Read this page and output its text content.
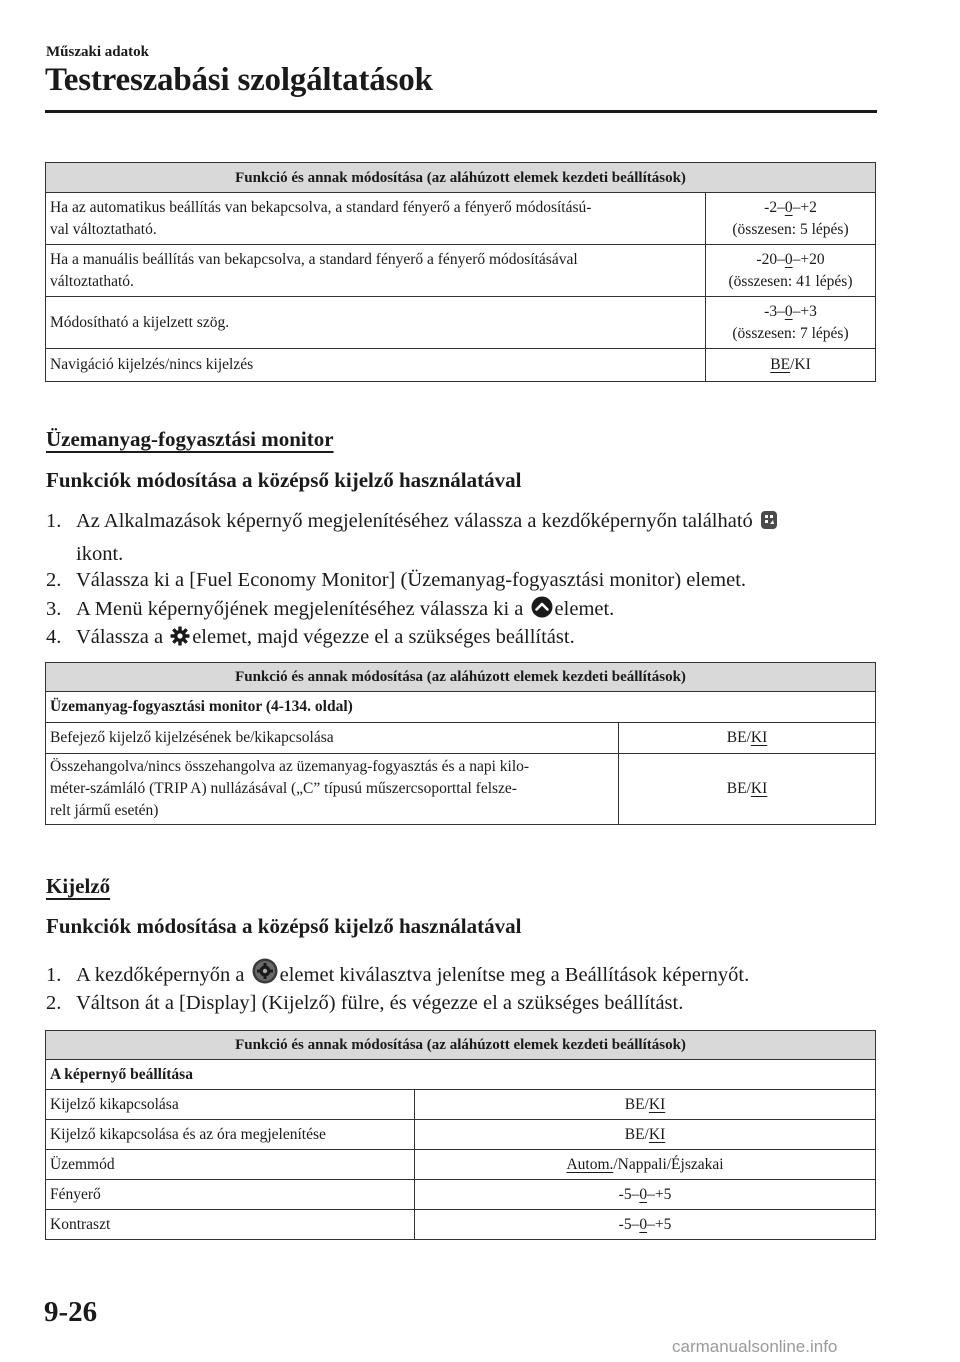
Műszaki adatok
Testreszabási szolgáltatások
Funkció és annak módosítása (az aláhúzott elemek kezdeti beállítások)	
Ha az automatikus beállítás van bekapcsolva, a standard fényerő a fényerő módosítású-
val változtatható.	-2–0–+2
(összesen: 5 lépés)
Ha a manuális beállítás van bekapcsolva, a standard fényerő a fényerő módosításával
változtatható.	-20–0–+20
(összesen: 41 lépés)
Módosítható a kijelzett szög.	-3–0–+3
(összesen: 7 lépés)
Navigáció kijelzés/nincs kijelzés	BE/KI
Üzemanyag-fogyasztási monitor
Funkciók módosítása a középső kijelző használatával
1. Az Alkalmazások képernyő megjelenítéséhez válassza a kezdőképernyőn található
ikont.
2. Válassza ki a [Fuel Economy Monitor] (Üzemanyag-fogyasztási monitor) elemet.
3. A Menü képernyőjének megjelenítéséhez válassza ki a elemet.
4. Válassza a elemet, majd végezze el a szükséges beállítást.
Funkció és annak módosítása (az aláhúzott elemek kezdeti beállítások)	
Üzemanyag-fogyasztási monitor (4-134. oldal)	
Befejező kijelző kijelzésének be/kikapcsolása	BE/KI
Összehangolva/nincs összehangolva az üzemanyag-fogyasztás és a napi kilo-
méter-számláló (TRIP A) nullázásával („C” típusú műszercsoporttal felsze-
relt jármű esetén)	BE/KI
Kijelző
Funkciók módosítása a középső kijelző használatával
1. A kezdőképernyőn a elemet kiválasztva jelenítse meg a Beállítások képernyőt.
2. Váltson át a [Display] (Kijelző) fülre, és végezze el a szükséges beállítást.
Funkció és annak módosítása (az aláhúzott elemek kezdeti beállítások)	
A képernyő beállítása	
Kijelző kikapcsolása	BE/KI
Kijelző kikapcsolása és az óra megjelenítése	BE/KI
Üzemmód	Autom./Nappali/Éjszakai
Fényerő	-5–0–+5
Kontraszt	-5–0–+5
9-26
carmanualsonline.info
